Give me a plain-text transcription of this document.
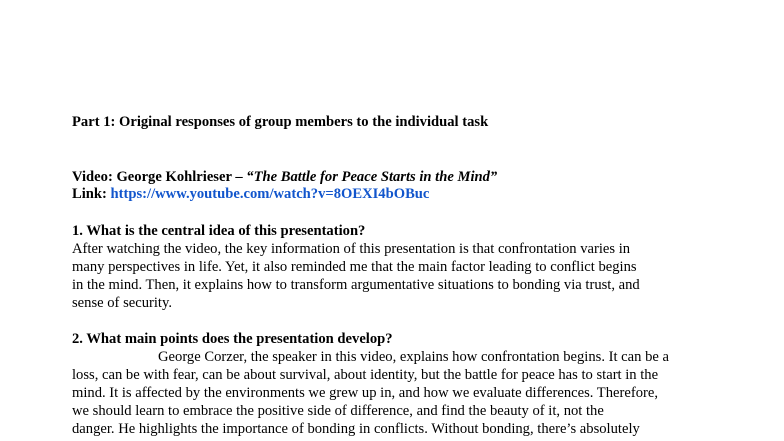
Part 1: Original responses of group members to the individual task
Video: George Kohlrieser – “The Battle for Peace Starts in the Mind”
Link: https://www.youtube.com/watch?v=8OEXI4bOBuc
1. What is the central idea of this presentation?
After watching the video, the key information of this presentation is that confrontation varies in
many perspectives in life. Yet, it also reminded me that the main factor leading to conflict begins
in the mind. Then, it explains how to transform argumentative situations to bonding via trust, and
sense of security.
2. What main points does the presentation develop?
George Corzer, the speaker in this video, explains how confrontation begins. It can be a
loss, can be with fear, can be about survival, about identity, but the battle for peace has to start in the
mind. It is affected by the environments we grew up in, and how we evaluate differences. Therefore,
we should learn to embrace the positive side of difference, and find the beauty of it, not the
danger. He highlights the importance of bonding in conflicts. Without bonding, there’s absolutely
